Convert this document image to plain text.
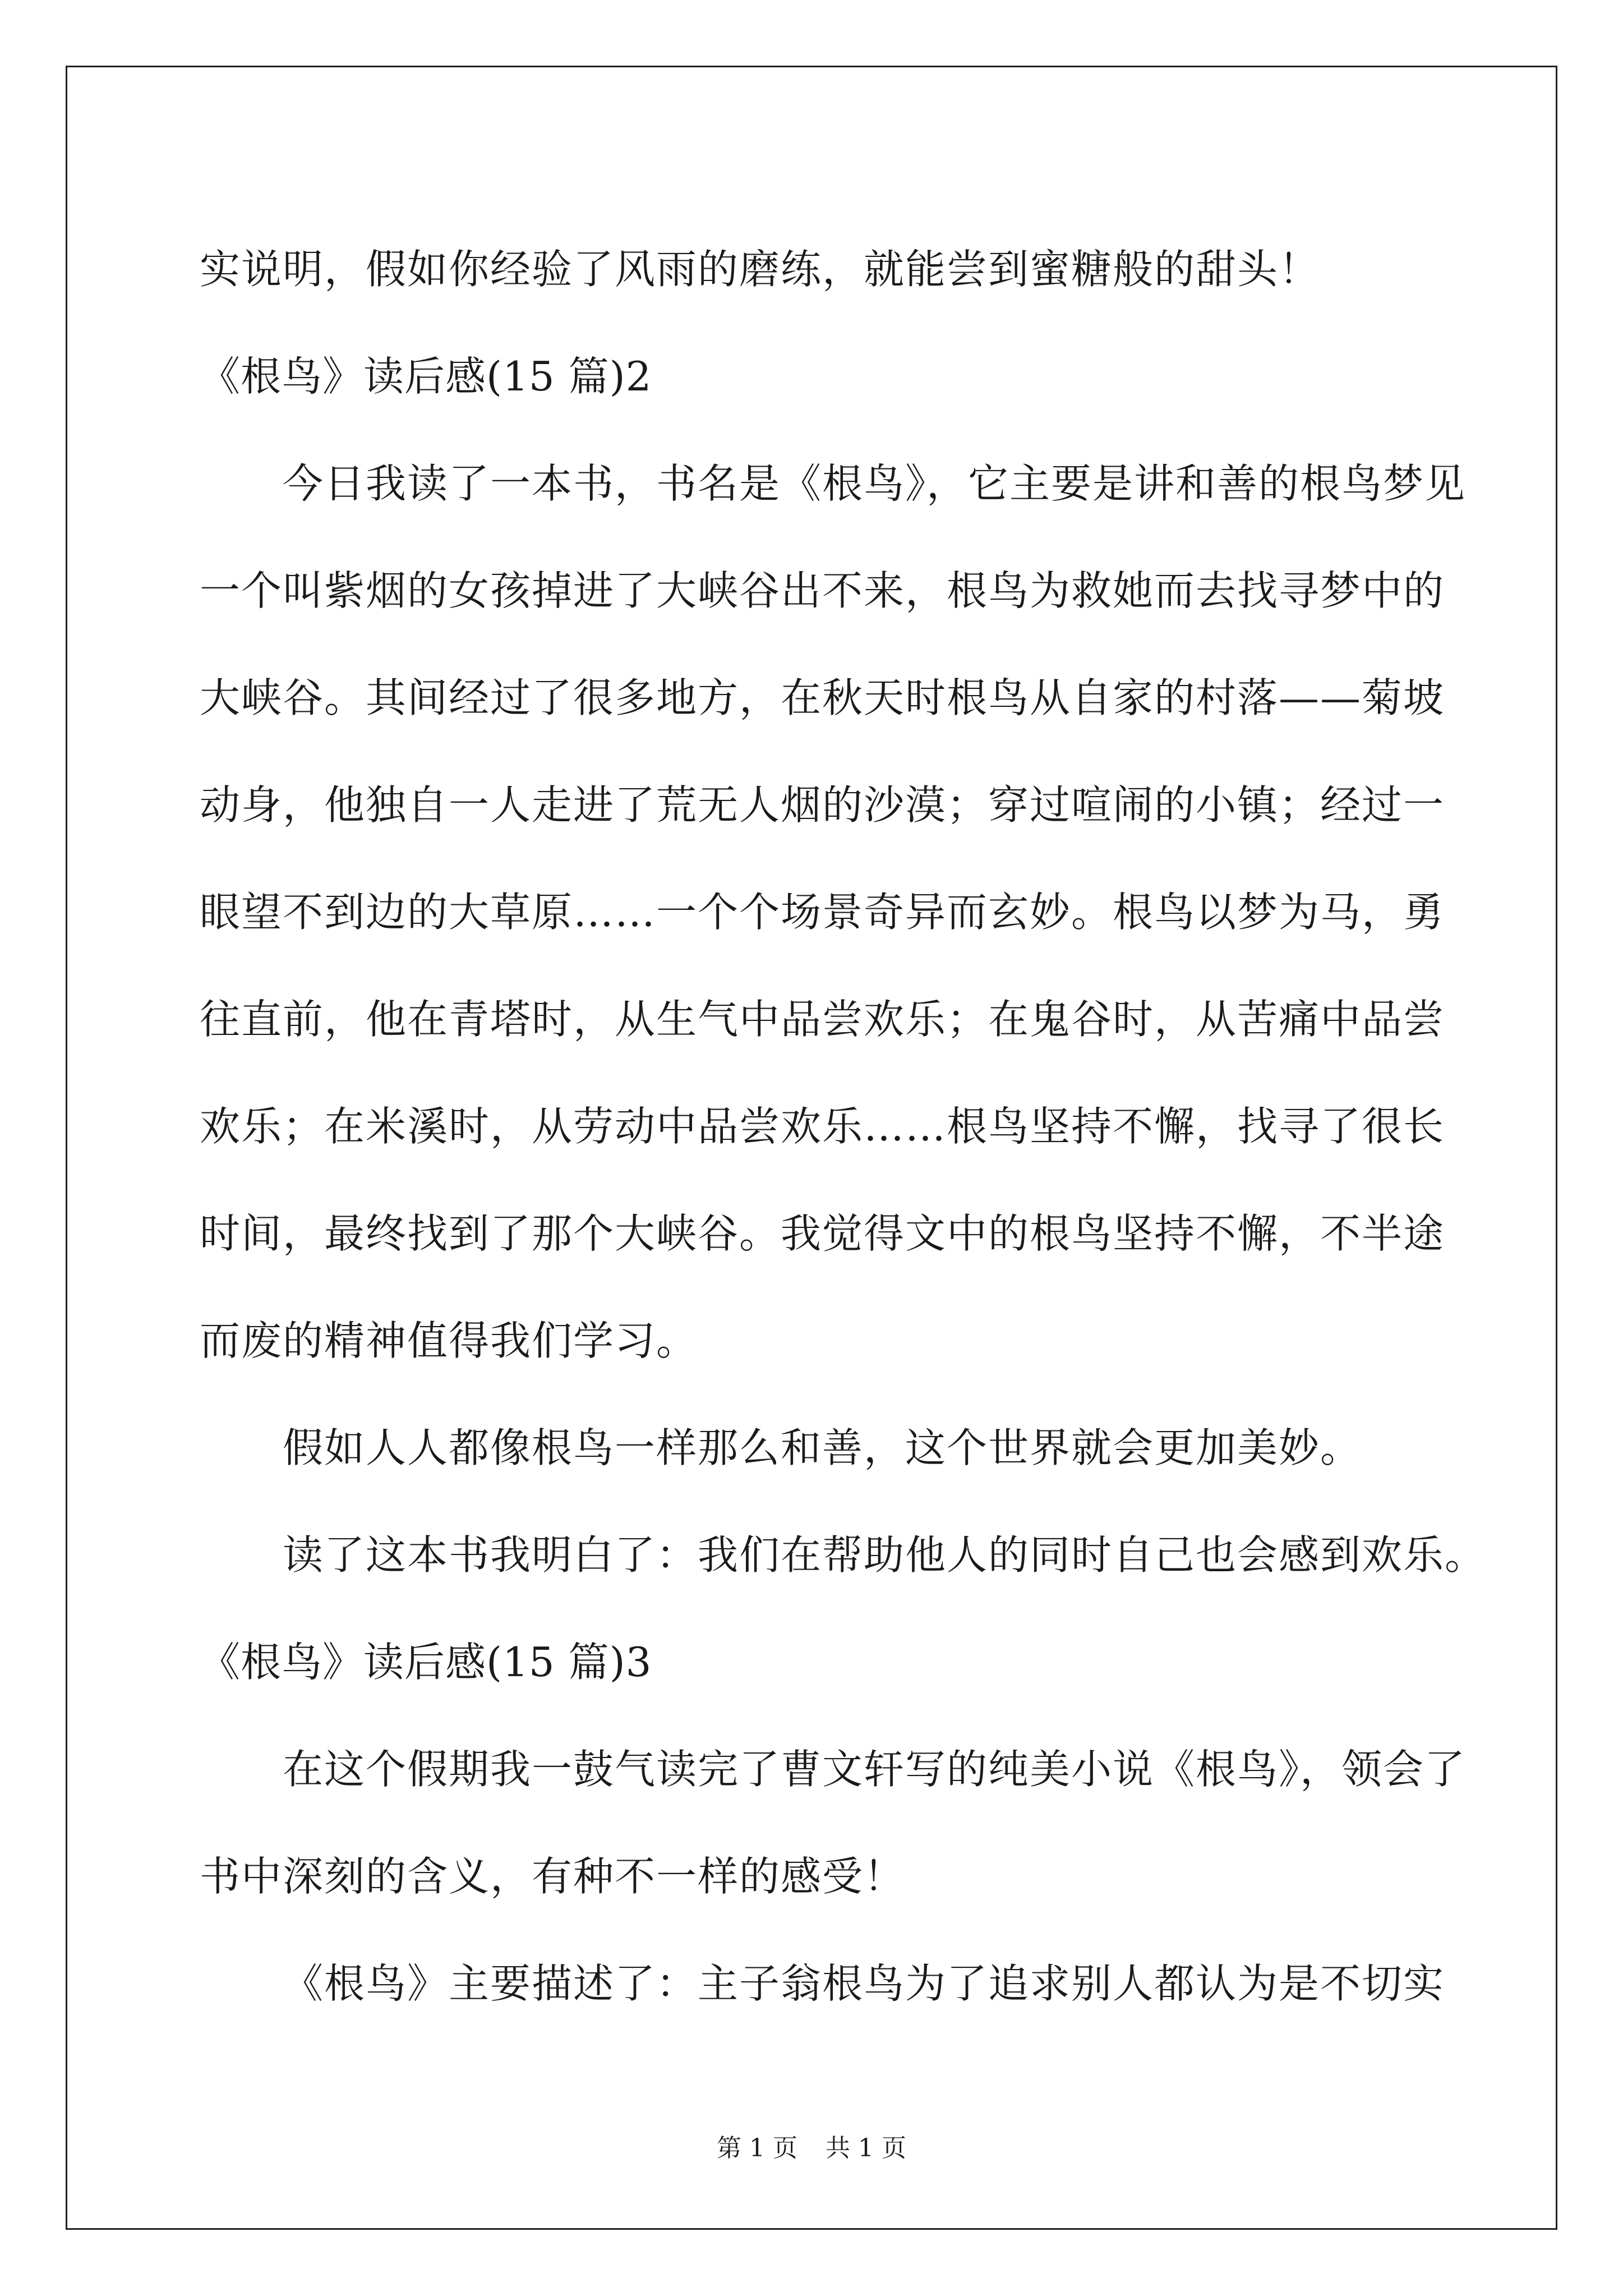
实说明，假如你经验了风雨的磨练，就能尝到蜜糖般的甜头！

《根鸟》读后感(15 篇)2

今日我读了一本书，书名是《根鸟》，它主要是讲和善的根鸟梦见

一个叫紫烟的女孩掉进了大峡谷出不来，根鸟为救她而去找寻梦中的

大峡谷。其间经过了很多地方，在秋天时根鸟从自家的村落——菊坡

动身，他独自一人走进了荒无人烟的沙漠；穿过喧闹的小镇；经过一

眼望不到边的大草原……一个个场景奇异而玄妙。根鸟以梦为马，勇

往直前，他在青塔时，从生气中品尝欢乐；在鬼谷时，从苦痛中品尝

欢乐；在米溪时，从劳动中品尝欢乐……根鸟坚持不懈，找寻了很长

时间，最终找到了那个大峡谷。我觉得文中的根鸟坚持不懈，不半途

而废的精神值得我们学习。

假如人人都像根鸟一样那么和善，这个世界就会更加美妙。

读了这本书我明白了：我们在帮助他人的同时自己也会感到欢乐。

《根鸟》读后感(15 篇)3

在这个假期我一鼓气读完了曹文轩写的纯美小说《根鸟》，领会了

书中深刻的含义，有种不一样的感受！

《根鸟》主要描述了：主子翁根鸟为了追求别人都认为是不切实

第 1 页 共 1 页
